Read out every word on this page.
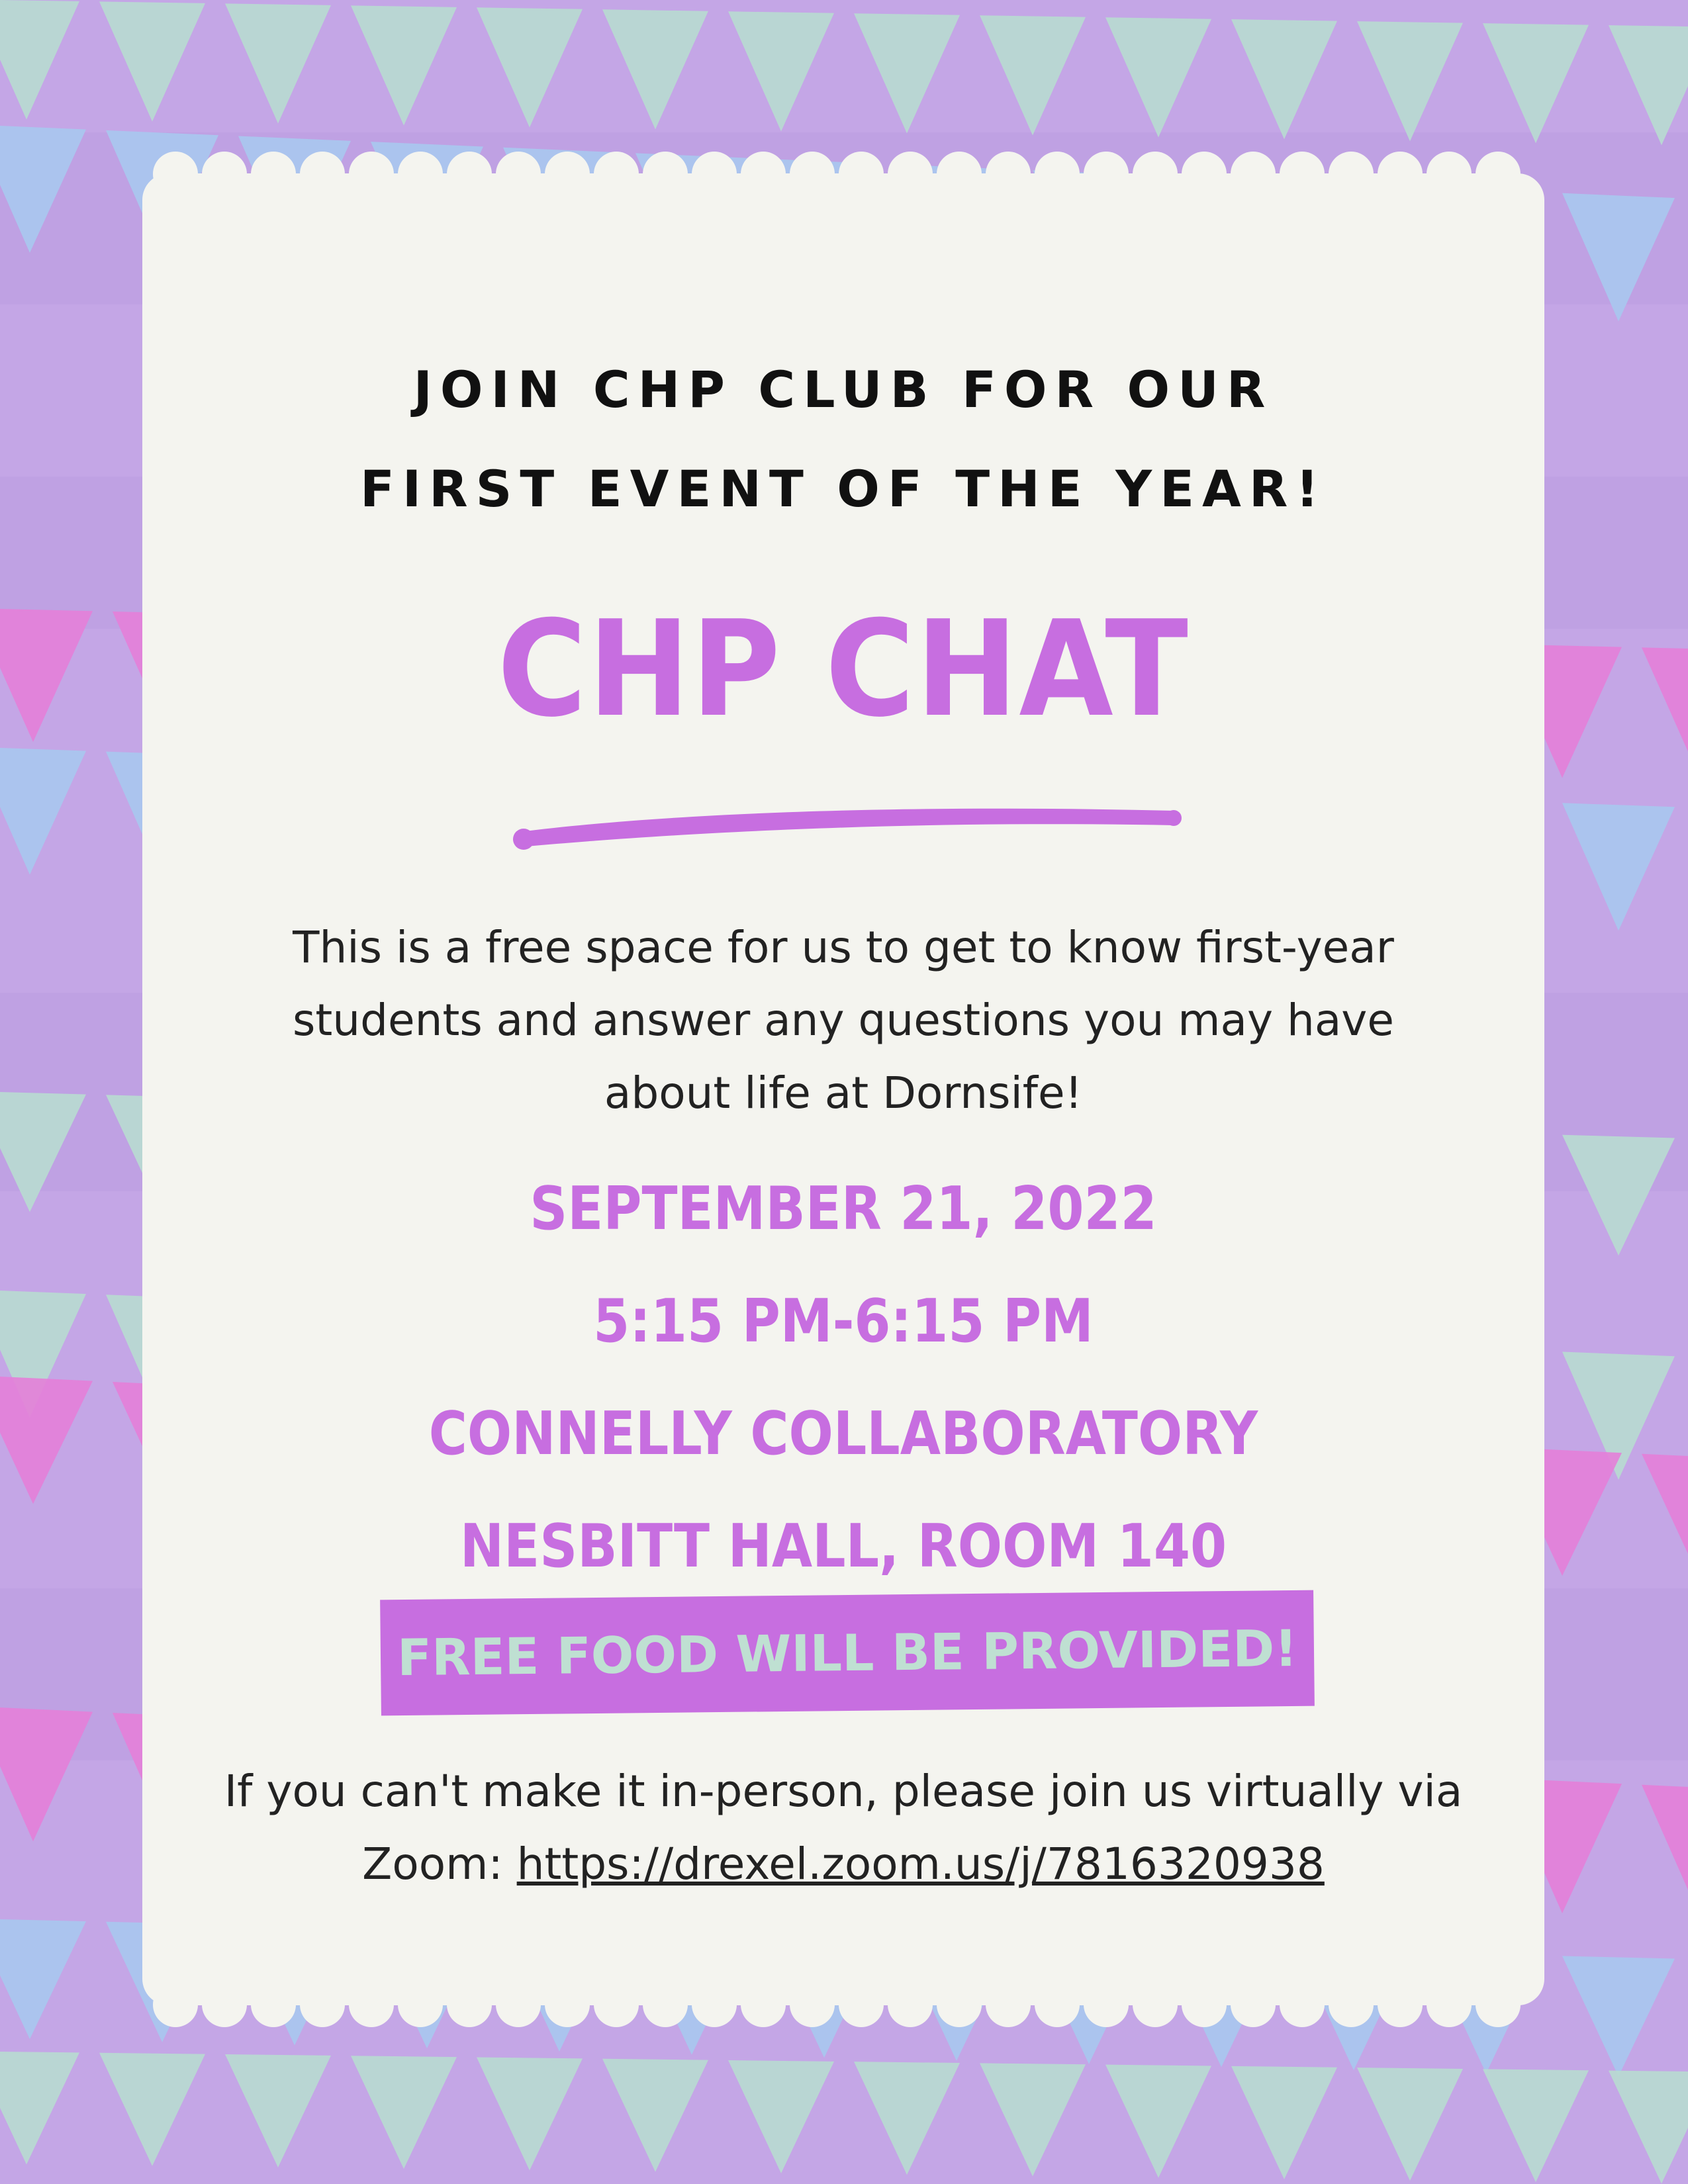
JOIN CHP CLUB FOR OUR
FIRST EVENT OF THE YEAR!
CHP CHAT
This is a free space for us to get to know first-year
students and answer any questions you may have
about life at Dornsife!
SEPTEMBER 21, 2022
5:15 PM-6:15 PM
CONNELLY COLLABORATORY
NESBITT HALL, ROOM 140
FREE FOOD WILL BE PROVIDED!
If you can't make it in-person, please join us virtually via
Zoom: https://drexel.zoom.us/j/7816320938
